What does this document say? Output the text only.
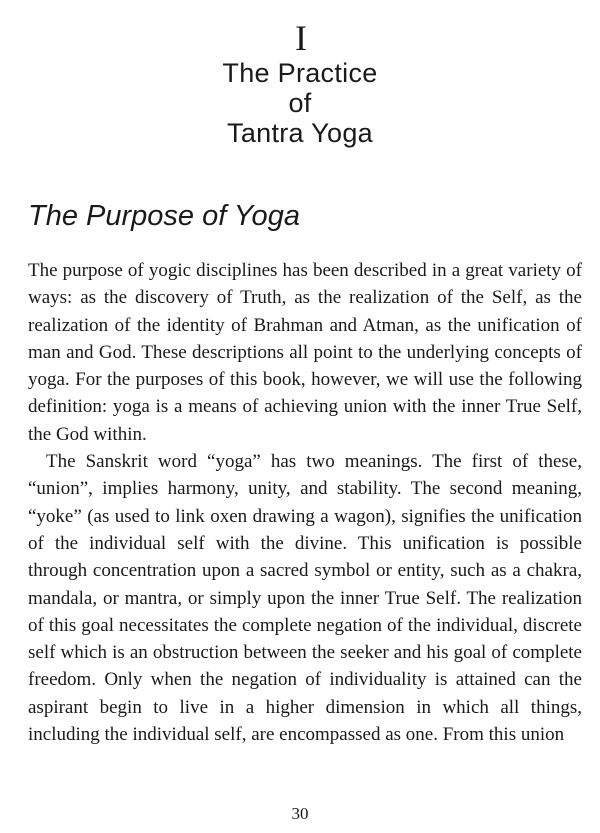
I
The Practice
of
Tantra Yoga
The Purpose of Yoga

The purpose of yogic disciplines has been described in a great variety of ways: as the discovery of Truth, as the realization of the Self, as the realization of the identity of Brahman and Atman, as the unification of man and God. These descriptions all point to the underlying concepts of yoga. For the purposes of this book, however, we will use the following definition: yoga is a means of achieving union with the inner True Self, the God within.

The Sanskrit word “yoga” has two meanings. The first of these, “union”, implies harmony, unity, and stability. The second meaning, “yoke” (as used to link oxen drawing a wagon), signifies the unification of the individual self with the divine. This unification is possible through concentration upon a sacred symbol or entity, such as a chakra, mandala, or mantra, or simply upon the inner True Self. The realization of this goal necessitates the complete negation of the individual, discrete self which is an obstruction between the seeker and his goal of complete freedom. Only when the negation of individuality is attained can the aspirant begin to live in a higher dimension in which all things, including the individual self, are encompassed as one. From this union

30
